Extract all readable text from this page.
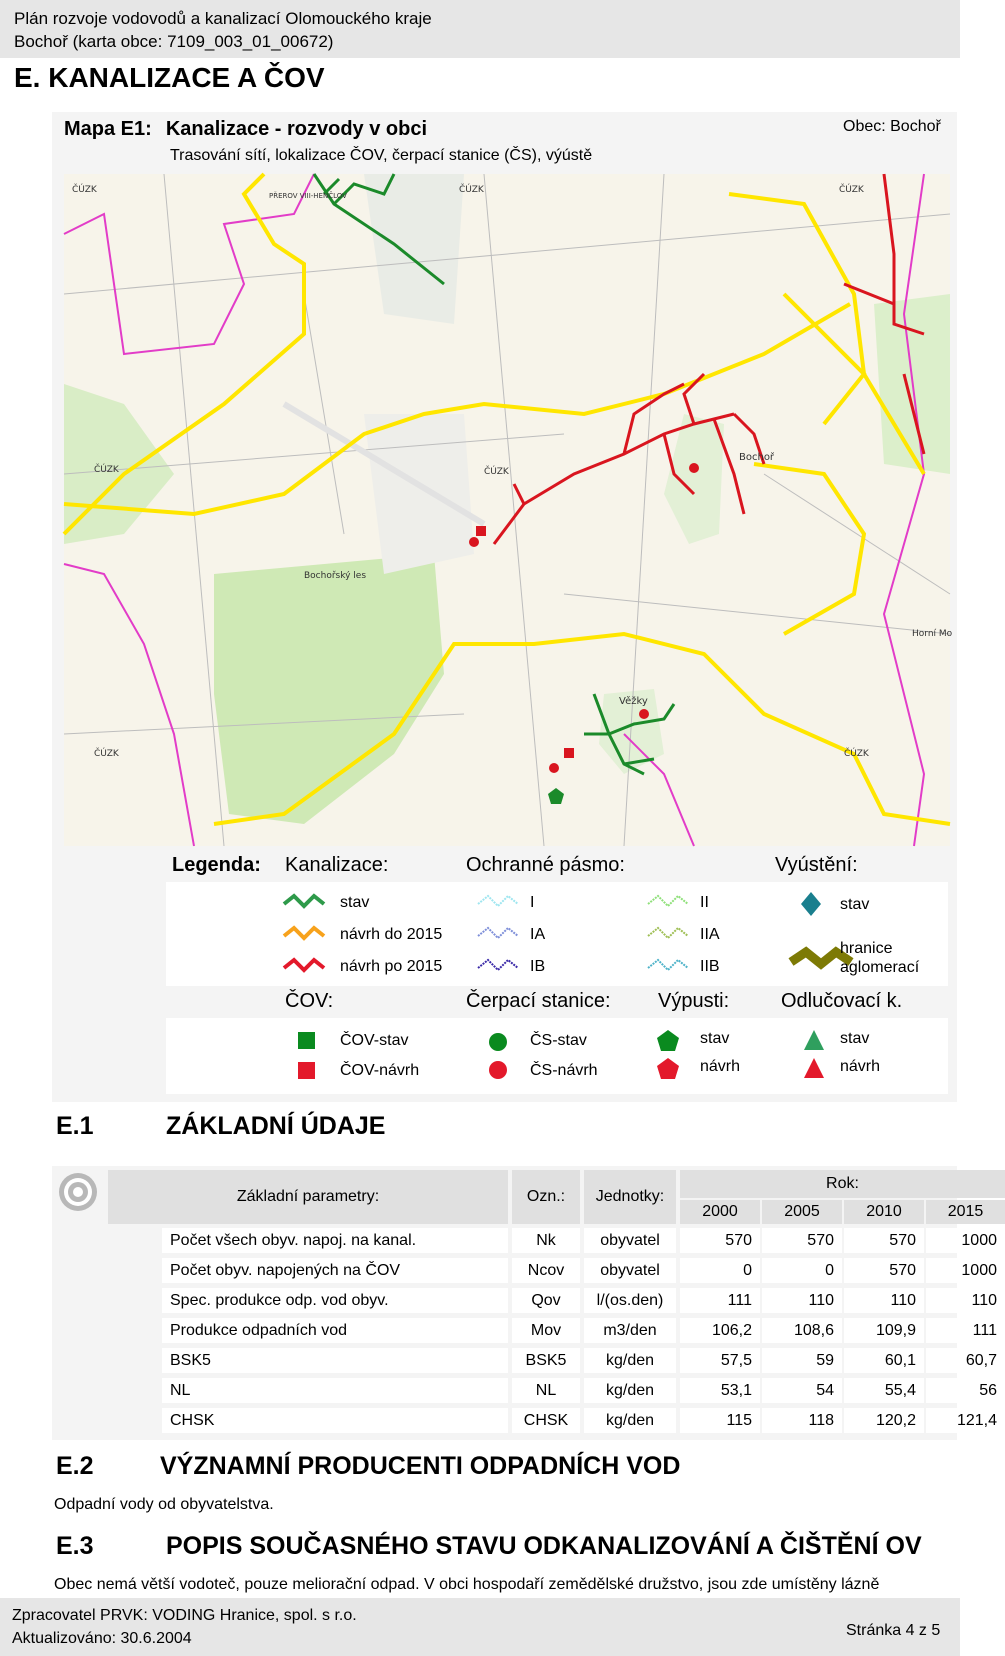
Plán rozvoje vodovodů a kanalizací Olomouckého kraje
Bochoř (karta obce: 7109_003_01_00672)
E. KANALIZACE A ČOV
Mapa E1: Kanalizace - rozvody v obci
Trasování sítí, lokalizace ČOV, čerpací stanice (ČS), výústě
Obec: Bochoř
ČÚZK	ČÚZK	ČÚZK
ČÚZK	ČÚZK
ČÚZK	ČÚZK
PŘEROV VIII-HENČLOV
Bochoř
Věžky
Horní Mo
Bochořský les
Legenda: Kanalizace:	Ochranné pásmo:	Vyústění:
stav
návrh do 2015
návrh po 2015
I
IA
IB
II
IIA
IIB
stav
hranice
aglomerací
ČOV:	Čerpací stanice: Výpusti:	Odlučovací k.
ČOV-stav
ČOV-návrh
ČS-stav
ČS-návrh
stav
návrh
stav
návrh
E.1	ZÁKLADNÍ ÚDAJE
Základní parametry:	Ozn.:	Jednotky:
Rok:
2000	2005	2010	2015
Počet všech obyv. napoj. na kanal.	Nk	obyvatel	570	570	570	1000
Počet obyv. napojených na ČOV	Ncov	obyvatel	0	0	570	1000
Spec. produkce odp. vod obyv.	Qov	l/(os.den)	111	110	110	110
Produkce odpadních vod	Mov	m3/den	106,2	108,6	109,9	111
BSK5	BSK5	kg/den	57,5	59	60,1	60,7
NL	NL	kg/den	53,1	54	55,4	56
CHSK	CHSK	kg/den	115	118	120,2	121,4
E.2	VÝZNAMNÍ PRODUCENTI ODPADNÍCH VOD
Odpadní vody od obyvatelstva.
E.3	POPIS SOUČASNÉHO STAVU ODKANALIZOVÁNÍ A ČIŠTĚNÍ OV
Obec nemá větší vodoteč, pouze meliorační odpad. V obci hospodaří zemědělské družstvo, jsou zde umístěny lázně
Zpracovatel PRVK: VODING Hranice, spol. s r.o.
Aktualizováno: 30.6.2004	Stránka 4 z 5
